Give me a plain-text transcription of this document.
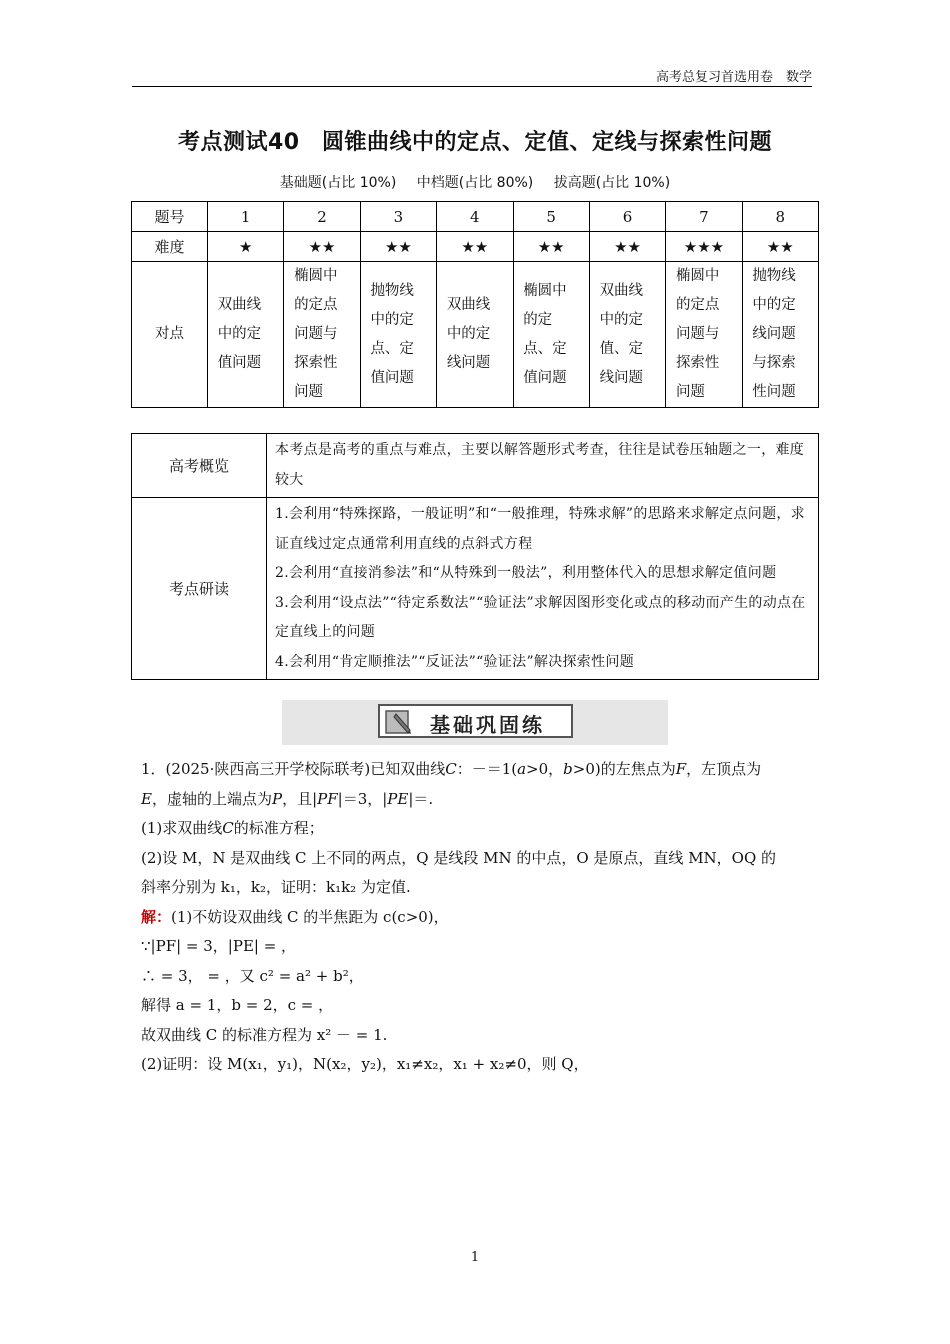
高考总复习首选用卷　数学
考点测试40　圆锥曲线中的定点、定值、定线与探索性问题
基础题(占比 10%) 中档题(占比 80%) 拔高题(占比 10%)
题号	1	2	3	4	5	6	7	8
难度	★	★★	★★	★★	★★	★★	★★★	★★
对点	双曲线中的定值问题	椭圆中的定点问题与探索性问题	抛物线中的定点、定值问题	双曲线中的定线问题	椭圆中的定点、定值问题	双曲线中的定值、定线问题	椭圆中的定点问题与探索性问题	抛物线中的定线问题与探索性问题
高考概览	本考点是高考的重点与难点，主要以解答题形式考查，往往是试卷压轴题之一，难度较大
考点研读	1.会利用“特殊探路，一般证明”和“一般推理，特殊求解”的思路来求解定点问题，求证直线过定点通常利用直线的点斜式方程
2.会利用“直接消参法”和“从特殊到一般法”，利用整体代入的思想求解定值问题
3.会利用“设点法”“待定系数法”“验证法”求解因图形变化或点的移动而产生的动点在定直线上的问题
4.会利用“肯定顺推法”“反证法”“验证法”解决探索性问题
基础巩固练

1．(2025·陕西高三开学校际联考)已知双曲线C：－＝1(a>0，b>0)的左焦点为F，左顶点为

E，虚轴的上端点为P，且|PF|＝3，|PE|＝.

(1)求双曲线C的标准方程；

(2)设 M，N 是双曲线 C 上不同的两点，Q 是线段 MN 的中点，O 是原点，直线 MN，OQ 的

斜率分别为 k₁，k₂，证明：k₁k₂ 为定值.

解：(1)不妨设双曲线 C 的半焦距为 c(c>0)，

∵|PF| = 3，|PE| = ，

∴ = 3， = ，又 c² = a² + b²，

解得 a = 1，b = 2，c = ，

故双曲线 C 的标准方程为 x² － = 1.

(2)证明：设 M(x₁，y₁)，N(x₂，y₂)，x₁≠x₂，x₁ + x₂≠0，则 Q，

1
